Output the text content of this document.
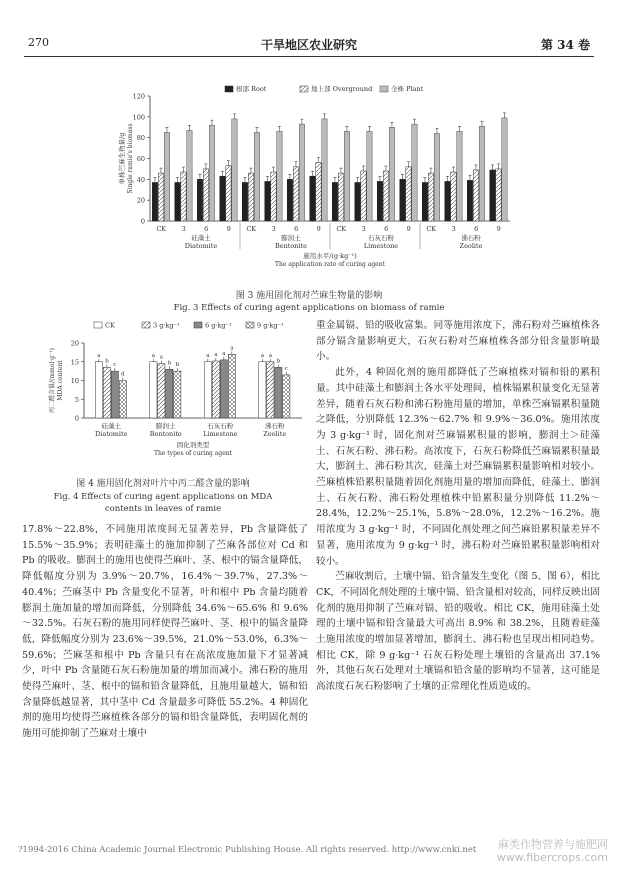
270	干旱地区农业研究	第 34 卷
0
20
40
60
80
100
120
单株苎麻生物量/g Single ramie's biomass
CK 3	6	9
硅藻土
Diatomite
CK 3	6	9
膨润土
Bentonite
CK 3	6	9
石灰石粉
Limestone
CK 3	6	9
沸石粉
Zeolite
施用水平/(g·kg⁻¹)
The application rate of curing agent
根部 Root	地上部 Overground	全株 Plant
图 3 施用固化剂对苎麻生物量的影响
Fig. 3 Effects of curing agent applications on biomass of ramie
0
5
10
15
20
丙二醛含量/(mmol·g⁻¹) MDA content
CK	3 g·kg⁻¹	6 g·kg⁻¹	9 g·kg⁻¹
a
b
c
d
硅藻土
Diatomite
a a
b b
膨润土
Bentonite
a a a
a
石灰石粉
Limestone
a a
b
c
沸石粉
Zeolite
固化剂类型
The types of curing agent
图 4 施用固化剂对叶片中丙二醛含量的影响
Fig. 4 Effects of curing agent applications on MDA
contents in leaves of ramie

17.8%～22.8%，不同施用浓度间无显著差异，Pb 含量降低了 15.5%～35.9%；表明硅藻土的施加抑制了苎麻各部位对 Cd 和 Pb 的吸收。膨润土的施用也使得苎麻叶、茎、根中的镉含量降低，降低幅度分别为 3.9%～20.7%，16.4%～39.7%，27.3%～40.4%；苎麻茎中 Pb 含量变化不显著，叶和根中 Pb 含量均随着膨润土施加量的增加而降低，分别降低 34.6%～65.6% 和 9.6%～32.5%。石灰石粉的施用同样使得苎麻叶、茎、根中的镉含量降低，降低幅度分别为 23.6%～39.5%，21.0%～53.0%，6.3%～59.6%；苎麻茎和根中 Pb 含量只有在高浓度施加量下才显著减少，叶中 Pb 含量随石灰石粉施加量的增加而减小。沸石粉的施用使得苎麻叶、茎、根中的镉和铅含量降低，且施用量越大，镉和铅含量降低越显著，其中茎中 Cd 含量最多可降低 55.2%。4 种固化剂的施用均使得苎麻植株各部分的镉和铅含量降低，表明固化剂的施用可能抑制了苎麻对土壤中

重金属镉、铅的吸收富集。同等施用浓度下，沸石粉对苎麻植株各部分镉含量影响更大，石灰石粉对苎麻植株各部分铅含量影响最小。

此外，4 种固化剂的施用都降低了苎麻植株对镉和铅的累积量。其中硅藻土和膨润土各水平处理间，植株镉累积量变化无显著差异，随着石灰石粉和沸石粉施用量的增加，单株苎麻镉累积量随之降低，分别降低 12.3%～62.7% 和 9.9%～36.0%。施用浓度为 3 g·kg⁻¹ 时，固化剂对苎麻镉累积量的影响，膨润土＞硅藻土、石灰石粉、沸石粉。高浓度下，石灰石粉降低苎麻镉累积量最大，膨润土、沸石粉其次，硅藻土对苎麻镉累积量影响相对较小。苎麻植株铅累积量随着固化剂施用量的增加而降低，硅藻土、膨润土、石灰石粉、沸石粉处理植株中铅累积量分别降低 11.2%～28.4%，12.2%～25.1%，5.8%～28.0%，12.2%～16.2%。施用浓度为 3 g·kg⁻¹ 时，不同固化剂处理之间苎麻铅累积量差异不显著，施用浓度为 9 g·kg⁻¹ 时，沸石粉对苎麻铅累积量影响相对较小。

苎麻收割后，土壤中镉、铅含量发生变化（图 5、图 6），相比 CK，不同固化剂处理的土壤中镉、铅含量相对较高，同样反映出固化剂的施用抑制了苎麻对镉、铅的吸收。相比 CK，施用硅藻土处理的土壤中镉和铅含量最大可高出 8.9% 和 38.2%，且随着硅藻土施用浓度的增加显著增加，膨润土、沸石粉也呈现出相同趋势。相比 CK，除 9 g·kg⁻¹ 石灰石粉处理土壤铅的含量高出 37.1% 外，其他石灰石处理对土壤镉和铅含量的影响均不显著，这可能是高浓度石灰石粉影响了土壤的正常理化性质造成的。

?1994-2016 China Academic Journal Electronic Publishing House. All rights reserved. http://www.cnki.net 麻类作物营养与施肥网
www.fibercrops.com
